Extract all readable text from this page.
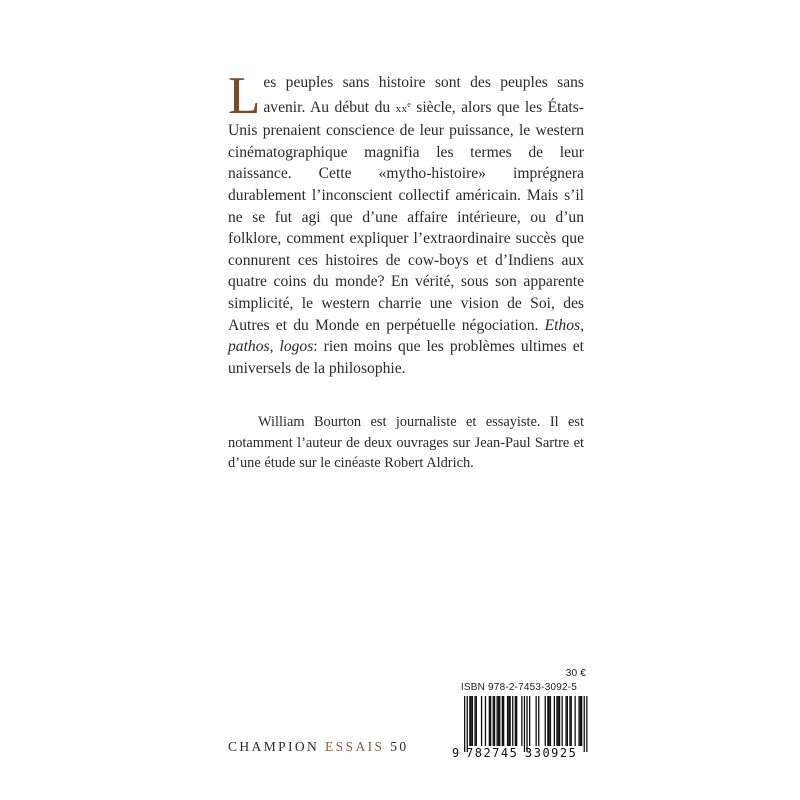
Les peuples sans histoire sont des peuples sans avenir. Au début du $xx^e$ siècle, alors que les États-Unis prenaient conscience de leur puissance, le western cinématographique magnifia les termes de leur naissance. Cette «mytho-histoire» imprégnera durablement l’inconscient collectif américain. Mais s’il ne se fut agi que d’une affaire intérieure, ou d’un folklore, comment expliquer l’extraordinaire succès que connurent ces histoires de cow-boys et d’Indiens aux quatre coins du monde? En vérité, sous son apparente simplicité, le western charrie une vision de Soi, des Autres et du Monde en perpétuelle négociation. Ethos, pathos, logos: rien moins que les problèmes ultimes et universels de la philosophie.
William Bourton est journaliste et essayiste. Il est notamment l’auteur de deux ouvrages sur Jean-Paul Sartre et d’une étude sur le cinéaste Robert Aldrich.
CHAMPION ESSAIS 50
30 €
ISBN 978-2-7453-3092-5
9 782745 330925
